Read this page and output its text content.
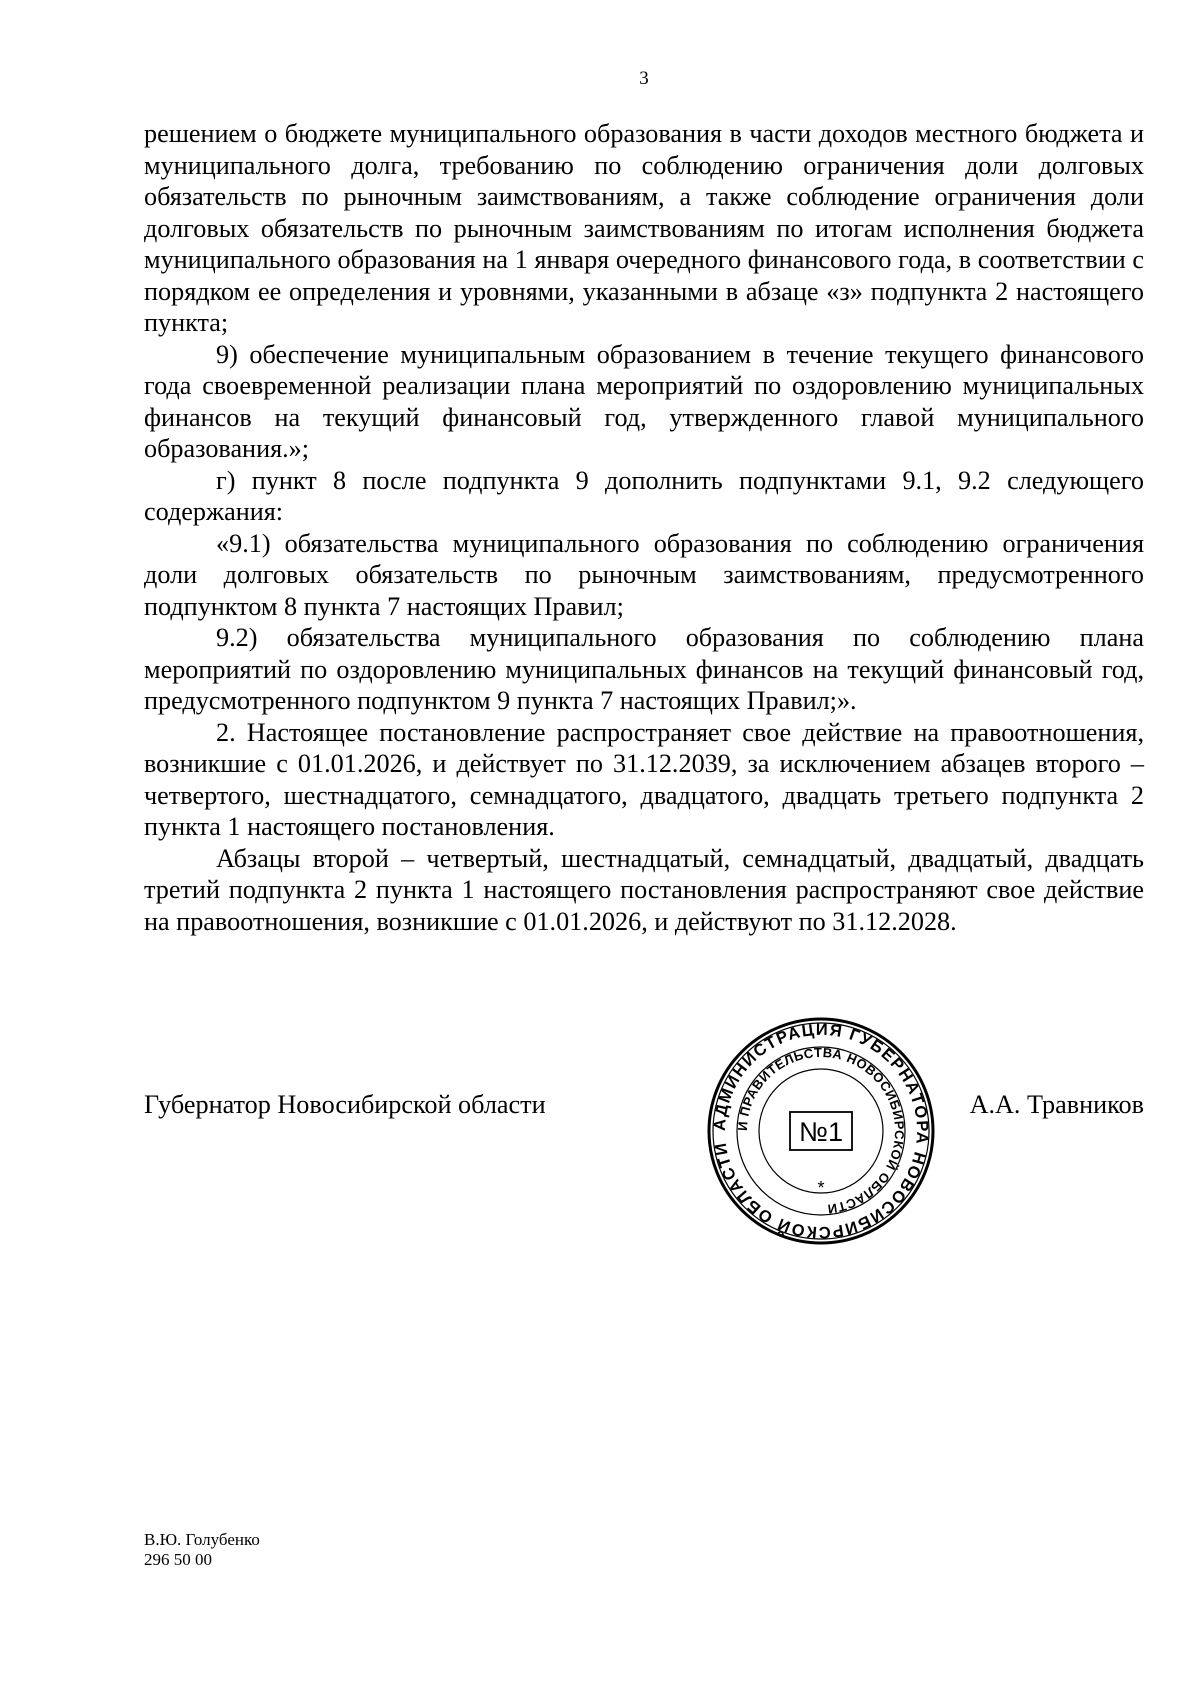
3

решением о бюджете муниципального образования в части доходов местного бюджета и муниципального долга, требованию по соблюдению ограничения доли долговых обязательств по рыночным заимствованиям, а также соблюдение ограничения доли долговых обязательств по рыночным заимствованиям по итогам исполнения бюджета муниципального образования на 1 января очередного финансового года, в соответствии с порядком ее определения и уровнями, указанными в абзаце «з» подпункта 2 настоящего пункта;

9) обеспечение муниципальным образованием в течение текущего финансового года своевременной реализации плана мероприятий по оздоровлению муниципальных финансов на текущий финансовый год, утвержденного главой муниципального образования.»;

г) пункт 8 после подпункта 9 дополнить подпунктами 9.1, 9.2 следующего содержания:

«9.1) обязательства муниципального образования по соблюдению ограничения доли долговых обязательств по рыночным заимствованиям, предусмотренного подпунктом 8 пункта 7 настоящих Правил;

9.2) обязательства муниципального образования по соблюдению плана мероприятий по оздоровлению муниципальных финансов на текущий финансовый год, предусмотренного подпунктом 9 пункта 7 настоящих Правил;».

2. Настоящее постановление распространяет свое действие на правоотношения, возникшие с 01.01.2026, и действует по 31.12.2039, за исключением абзацев второго – четвертого, шестнадцатого, семнадцатого, двадцатого, двадцать третьего подпункта 2 пункта 1 настоящего постановления.

Абзацы второй – четвертый, шестнадцатый, семнадцатый, двадцатый, двадцать третий подпункта 2 пункта 1 настоящего постановления распространяют свое действие на правоотношения, возникшие с 01.01.2026, и действуют по 31.12.2028.

Губернатор Новосибирской области	А.А. Травников
АДМИНИСТРАЦИЯ ГУБЕРНАТОРА НОВОСИБИРСКОЙ ОБЛАСТИ
И ПРАВИТЕЛЬСТВА НОВОСИБИРСКОЙ ОБЛАСТИ
№1
*
В.Ю. Голубенко
296 50 00
